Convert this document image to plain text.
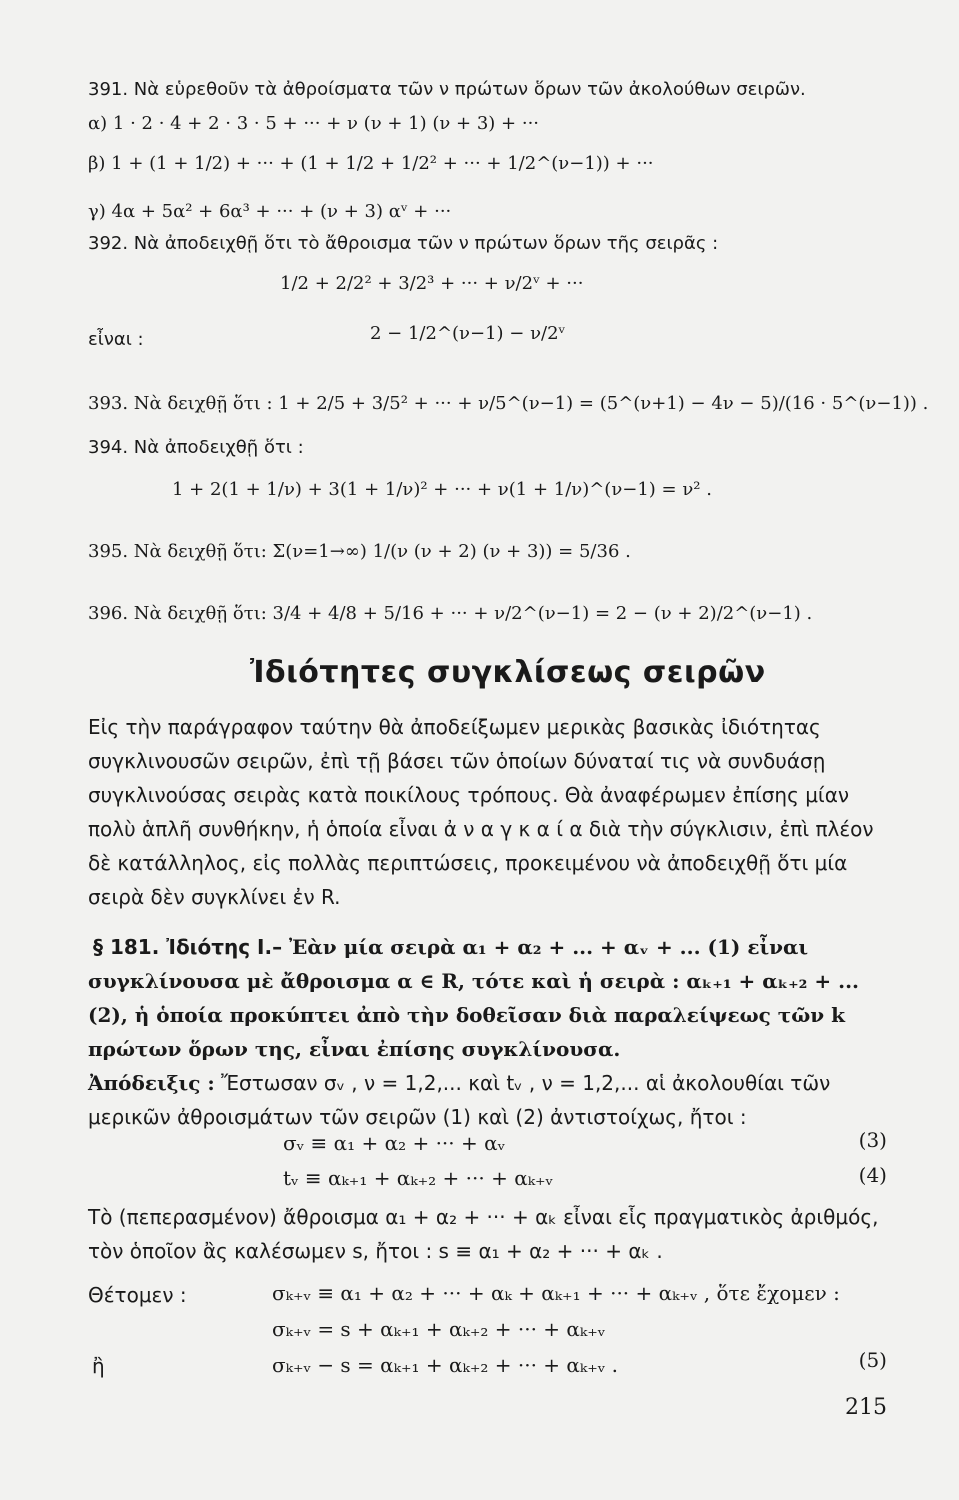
391. Νὰ εὑρεθοῦν τὰ ἀθροίσματα τῶν ν πρώτων ὅρων τῶν ἀκολούθων σειρῶν.
α) 1 · 2 · 4 + 2 · 3 · 5 + ··· + ν (ν + 1) (ν + 3) + ···
β) 1 + (1 + 1/2) + ··· + (1 + 1/2 + 1/2² + ··· + 1/2^(ν−1)) + ···
γ) 4α + 5α² + 6α³ + ··· + (ν + 3) αᵛ + ···
392. Νὰ ἀποδειχθῇ ὅτι τὸ ἄθροισμα τῶν ν πρώτων ὅρων τῆς σειρᾶς :
1/2 + 2/2² + 3/2³ + ··· + ν/2ᵛ + ···
εἶναι :	2 − 1/2^(ν−1) − ν/2ᵛ
393. Νὰ δειχθῇ ὅτι : 1 + 2/5 + 3/5² + ··· + ν/5^(ν−1) = (5^(ν+1) − 4ν − 5)/(16 · 5^(ν−1)) .
394. Νὰ ἀποδειχθῇ ὅτι :
1 + 2(1 + 1/ν) + 3(1 + 1/ν)² + ··· + ν(1 + 1/ν)^(ν−1) = ν² .
395. Νὰ δειχθῇ ὅτι: Σ(ν=1→∞) 1/(ν (ν + 2) (ν + 3)) = 5/36 .
396. Νὰ δειχθῇ ὅτι: 3/4 + 4/8 + 5/16 + ··· + ν/2^(ν−1) = 2 − (ν + 2)/2^(ν−1) .
Ἰδιότητες συγκλίσεως σειρῶν
Εἰς τὴν παράγραφον ταύτην θὰ ἀποδείξωμεν μερικὰς βασικὰς ἰδιότητας συγκλινουσῶν σειρῶν, ἐπὶ τῇ βάσει τῶν ὁποίων δύναταί τις νὰ συνδυάσῃ συγκλινούσας σειρὰς κατὰ ποικίλους τρόπους. Θὰ ἀναφέρωμεν ἐπίσης μίαν πολὺ ἁπλῆ συνθήκην, ἡ ὁποία εἶναι ἀ ν α γ κ α ί α διὰ τὴν σύγκλισιν, ἐπὶ πλέον δὲ κατάλληλος, εἰς πολλὰς περιπτώσεις, προκειμένου νὰ ἀποδειχθῇ ὅτι μία σειρὰ δὲν συγκλίνει ἐν R.
§ 181. Ἰδιότης I.– Ἐὰν μία σειρὰ α₁ + α₂ + ... + αᵥ + ... (1) εἶναι συγκλίνουσα μὲ ἄθροισμα α ∈ R, τότε καὶ ἡ σειρὰ : αₖ₊₁ + αₖ₊₂ + ... (2), ἡ ὁποία προκύπτει ἀπὸ τὴν δοθεῖσαν διὰ παραλείψεως τῶν k πρώτων ὅρων της, εἶναι ἐπίσης συγκλίνουσα.
Ἀπόδειξις : Ἔστωσαν σᵥ , ν = 1,2,... καὶ tᵥ , ν = 1,2,... αἱ ἀκολουθίαι τῶν μερικῶν ἀθροισμάτων τῶν σειρῶν (1) καὶ (2) ἀντιστοίχως, ἤτοι :
σᵥ ≡ α₁ + α₂ + ··· + αᵥ	(3)
tᵥ ≡ αₖ₊₁ + αₖ₊₂ + ··· + αₖ₊ᵥ	(4)
Τὸ (πεπερασμένον) ἄθροισμα α₁ + α₂ + ··· + αₖ εἶναι εἷς πραγματικὸς ἀριθμός, τὸν ὁποῖον ἂς καλέσωμεν s, ἤτοι : s ≡ α₁ + α₂ + ··· + αₖ .
Θέτομεν :	σₖ₊ᵥ ≡ α₁ + α₂ + ··· + αₖ + αₖ₊₁ + ··· + αₖ₊ᵥ , ὅτε ἔχομεν :
σₖ₊ᵥ = s + αₖ₊₁ + αₖ₊₂ + ··· + αₖ₊ᵥ
ἢ	σₖ₊ᵥ − s = αₖ₊₁ + αₖ₊₂ + ··· + αₖ₊ᵥ .	(5)
215
